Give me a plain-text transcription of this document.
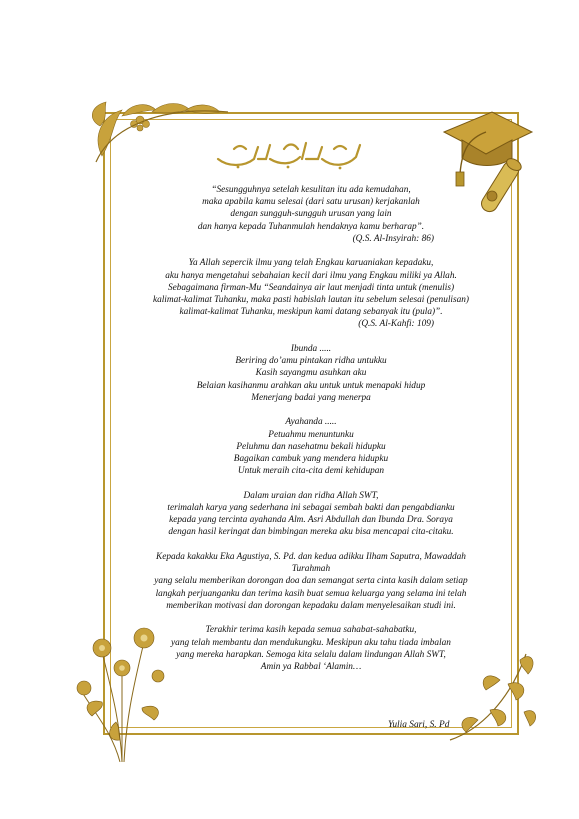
“Sesungguhnya setelah kesulitan itu ada kemudahan,

maka apabila kamu selesai (dari satu urusan) kerjakanlah

dengan sungguh-sungguh urusan yang lain

dan hanya kepada Tuhanmulah hendaknya kamu berharap”.

(Q.S. Al-Insyirah: 86)

Ya Allah sepercik ilmu yang telah Engkau karuaniakan kepadaku,

aku hanya mengetahui sebahaian kecil dari ilmu yang Engkau miliki ya Allah.

Sebagaimana firman-Mu “Seandainya air laut menjadi tinta untuk (menulis)

kalimat-kalimat Tuhanku, maka pasti habislah lautan itu sebelum selesai (penulisan)

kalimat-kalimat Tuhanku, meskipun kami datang sebanyak itu (pula)”.

(Q.S. Al-Kahfi: 109)

Ibunda .....

Beriring do’amu pintakan ridha untukku

Kasih sayangmu asuhkan aku

Belaian kasihanmu arahkan aku untuk untuk menapaki hidup

Menerjang badai yang menerpa

Ayahanda .....

Petuahmu menuntunku

Peluhmu dan nasehatmu bekali hidupku

Bagaikan cambuk yang mendera hidupku

Untuk meraih cita-cita demi kehidupan

Dalam uraian dan ridha Allah SWT,

terimalah karya yang sederhana ini sebagai sembah bakti dan pengabdianku

kepada yang tercinta ayahanda Alm. Asri Abdullah dan Ibunda Dra. Soraya

dengan hasil keringat dan bimbingan mereka aku bisa mencapai cita-citaku.

Kepada kakakku Eka Agustiya, S. Pd. dan kedua adikku Ilham Saputra, Mawaddah

Turahmah

yang selalu memberikan dorongan doa dan semangat serta cinta kasih dalam setiap

langkah perjuanganku dan terima kasih buat semua keluarga yang selama ini telah

memberikan motivasi dan dorongan kepadaku dalam menyelesaikan studi ini.

Terakhir terima kasih kepada semua sahabat-sahabatku,

yang telah membantu dan mendukungku. Meskipun aku tahu tiada imbalan

yang mereka harapkan. Semoga kita selalu dalam lindungan Allah SWT,

Amin ya Rabbal ‘Alamin…

Yulia Sari, S. Pd
